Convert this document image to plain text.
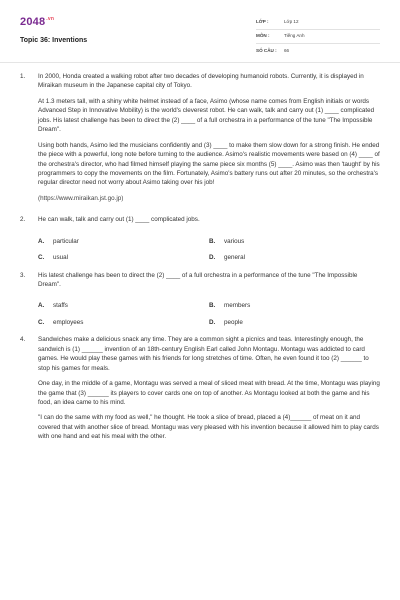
$2048^{.vn}$
Topic 36: Inventions
LỚP :	Lớp 12
MÔN :	Tiếng Anh
SỐ CÂU :	66
1.	In 2000, Honda created a walking robot after two decades of developing humanoid robots. Currently, it is displayed in Miraikan museum in the Japanese capital city of Tokyo.

At 1.3 meters tall, with a shiny white helmet instead of a face, Asimo (whose name comes from English initials or words Advanced Step in Innovative Mobility) is the world's cleverest robot. He can walk, talk and carry out (1) ____ complicated jobs. His latest challenge has been to direct the (2) ____ of a full orchestra in a performance of the tune "The Impossible Dream".

Using both hands, Asimo led the musicians confidently and (3) ____ to make them slow down for a strong finish. He ended the piece with a powerful, long note before turning to the audience. Asimo's realistic movements were based on (4) ____ of the orchestra's director, who had filmed himself playing the same piece six months (5) ____. Asimo was then 'taught' by his programmers to copy the movements on the film. Fortunately, Asimo's battery runs out after 20 minutes, so the orchestra's regular director need not worry about Asimo taking over his job!

(https://www.miraikan.jst.go.jp)

2.	He can walk, talk and carry out (1) ____ complicated jobs.

A.	particular	B.	various
C.	usual	D.	general
3.	His latest challenge has been to direct the (2) ____ of a full orchestra in a performance of the tune "The Impossible Dream".

A.	staffs	B.	members
C.	employees	D.	people
4.	Sandwiches make a delicious snack any time. They are a common sight a picnics and teas. Interestingly enough, the sandwich is (1) ______ invention of an 18th-century English Earl called John Montagu. Montagu was addicted to card games. He would play these games with his friends for long stretches of time. Often, he even found it too (2) ______ to stop his games for meals.

One day, in the middle of a game, Montagu was served a meal of sliced meat with bread. At the time, Montagu was playing the game that (3) ______ its players to cover cards one on top of another. As Montagu looked at both the game and his food, an idea came to his mind.

"I can do the same with my food as well," he thought. He took a slice of bread, placed a (4)______ of meat on it and covered that with another slice of bread. Montagu was very pleased with his invention because it allowed him to play cards with one hand and eat his meal with the other.
